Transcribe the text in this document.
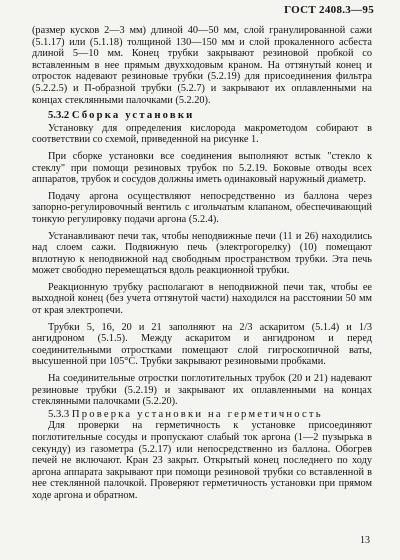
ГОСТ 2408.3—95

(размер кусков 2—3 мм) длиной 40—50 мм, слой гранулированной сажи (5.1.17) или (5.1.18) толщиной 130—150 мм и слой прокаленного асбеста длиной 5—10 мм. Конец трубки закрывают резиновой пробкой со вставленным в нее прямым двухходовым краном. На оттянутый конец и отросток надевают резиновые трубки (5.2.19) для присоединения фильтра (5.2.2.5) и П-образной трубки (5.2.7) и закрывают их оплавленными на концах стеклянными палочками (5.2.20).

5.3.2 Сборка установки

Установку для определения кислорода макрометодом собирают в соответствии со схемой, приведенной на рисунке 1.

При сборке установки все соединения выполняют встык "стекло к стеклу" при помощи резиновых трубок по 5.2.19. Боковые отводы всех аппаратов, трубок и сосудов должны иметь одинаковый наружный диаметр.

Подачу аргона осуществляют непосредственно из баллона через запорно-регулировочный вентиль с игольчатым клапаном, обеспечивающий тонкую регулировку подачи аргона (5.2.4).

Устанавливают печи так, чтобы неподвижные печи (11 и 26) находились над слоем сажи. Подвижную печь (электрогорелку) (10) помещают вплотную к неподвижной над свободным пространством трубки. Эта печь может свободно перемещаться вдоль реакционной трубки.

Реакционную трубку располагают в неподвижной печи так, чтобы ее выходной конец (без учета оттянутой части) находился на расстоянии 50 мм от края электропечи.

Трубки 5, 16, 20 и 21 заполняют на 2/3 аскаритом (5.1.4) и 1/3 ангидроном (5.1.5). Между аскаритом и ангидроном и перед соединительными отростками помещают слой гигроскопичной ваты, высушенной при 105°С. Трубки закрывают резиновыми пробками.

На соединительные отростки поглотительных трубок (20 и 21) надевают резиновые трубки (5.2.19) и закрывают их оплавленными на концах стеклянными палочками (5.2.20).

5.3.3 Проверка установки на герметичность

Для проверки на герметичность к установке присоединяют поглотительные сосуды и пропускают слабый ток аргона (1—2 пузырька в секунду) из газометра (5.2.17) или непосредственно из баллона. Обогрев печей не включают. Кран 23 закрыт. Открытый конец последнего по ходу аргона аппарата закрывают при помощи резиновой трубки со вставленной в нее стеклянной палочкой. Проверяют герметичность установки при прямом ходе аргона и обратном.

13
